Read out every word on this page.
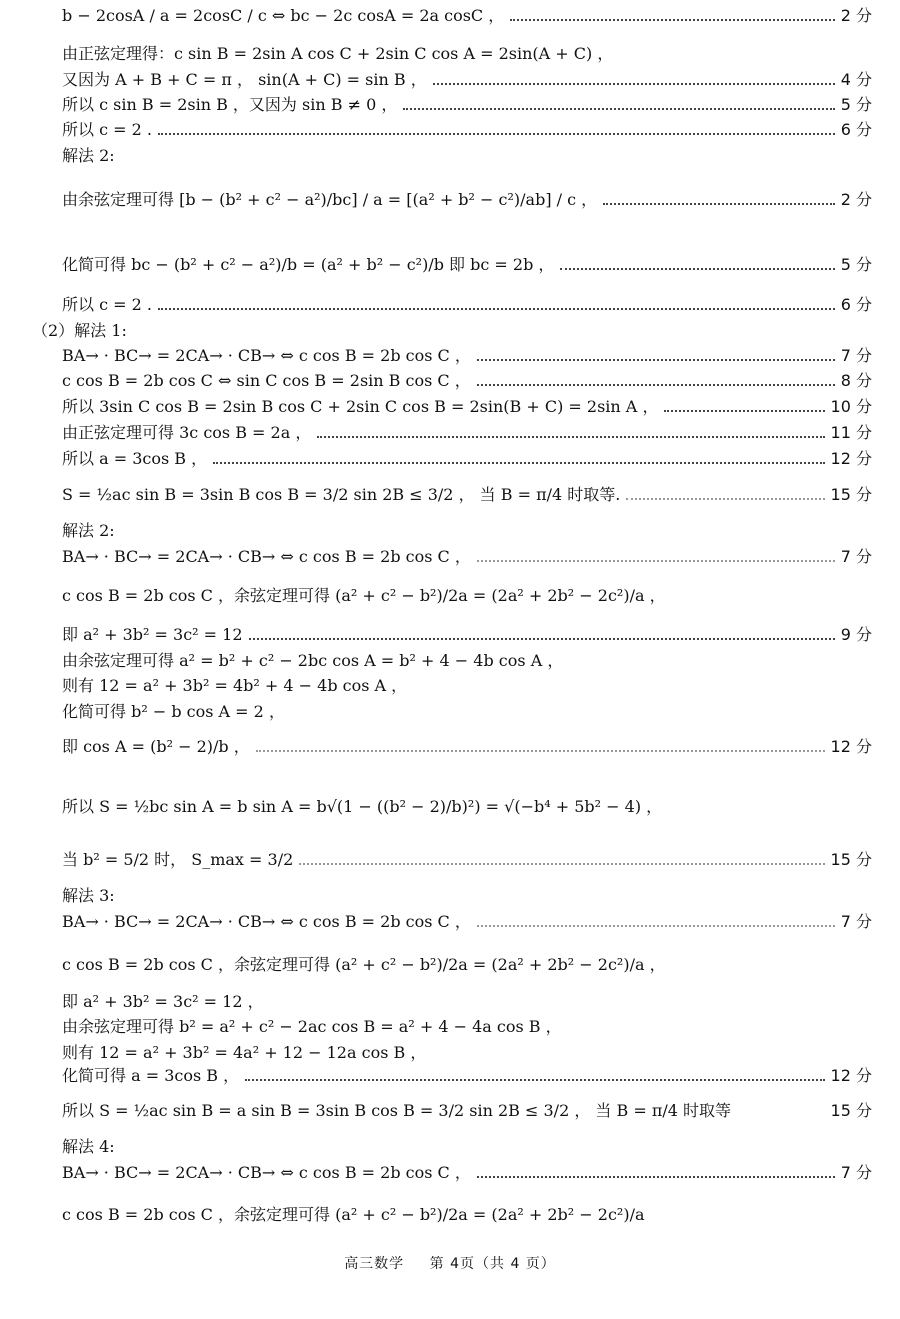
b − 2cosA / a = 2cosC / c ⇔ bc − 2c cosA = 2a cosC ，	2 分
由正弦定理得：c sin B = 2sin A cos C + 2sin C cos A = 2sin(A + C) ，
又因为 A + B + C = π ， sin(A + C) = sin B ，	4 分
所以 c sin B = 2sin B ，又因为 sin B ≠ 0 ，	5 分
所以 c = 2 .	6 分
解法 2:
由余弦定理可得 [b − (b² + c² − a²)/bc] / a = [(a² + b² − c²)/ab] / c ，	2 分
化简可得 bc − (b² + c² − a²)/b = (a² + b² − c²)/b 即 bc = 2b ，	5 分
所以 c = 2 .	6 分
（2）解法 1:
BA→ · BC→ = 2CA→ · CB→ ⇔ c cos B = 2b cos C ，	7 分
c cos B = 2b cos C ⇔ sin C cos B = 2sin B cos C ，	8 分
所以 3sin C cos B = 2sin B cos C + 2sin C cos B = 2sin(B + C) = 2sin A ，	10 分
由正弦定理可得 3c cos B = 2a ，	11 分
所以 a = 3cos B ，	12 分
S = ½ac sin B = 3sin B cos B = 3/2 sin 2B ≤ 3/2 ， 当 B = π/4 时取等.	15 分
解法 2:
BA→ · BC→ = 2CA→ · CB→ ⇔ c cos B = 2b cos C ，	7 分
c cos B = 2b cos C ，余弦定理可得 (a² + c² − b²)/2a = (2a² + 2b² − 2c²)/a ，
即 a² + 3b² = 3c² = 12	9 分
由余弦定理可得 a² = b² + c² − 2bc cos A = b² + 4 − 4b cos A ，
则有 12 = a² + 3b² = 4b² + 4 − 4b cos A ，
化简可得 b² − b cos A = 2 ，
即 cos A = (b² − 2)/b ，	12 分
所以 S = ½bc sin A = b sin A = b√(1 − ((b² − 2)/b)²) = √(−b⁴ + 5b² − 4) ，
当 b² = 5/2 时， S_max = 3/2	15 分
解法 3:
BA→ · BC→ = 2CA→ · CB→ ⇔ c cos B = 2b cos C ，	7 分
c cos B = 2b cos C ，余弦定理可得 (a² + c² − b²)/2a = (2a² + 2b² − 2c²)/a ，
即 a² + 3b² = 3c² = 12 ，
由余弦定理可得 b² = a² + c² − 2ac cos B = a² + 4 − 4a cos B ，
则有 12 = a² + 3b² = 4a² + 12 − 12a cos B ，
化简可得 a = 3cos B ，	12 分
所以 S = ½ac sin B = a sin B = 3sin B cos B = 3/2 sin 2B ≤ 3/2 ， 当 B = π/4 时取等	15 分
解法 4:
BA→ · BC→ = 2CA→ · CB→ ⇔ c cos B = 2b cos C ，	7 分
c cos B = 2b cos C ，余弦定理可得 (a² + c² − b²)/2a = (2a² + 2b² − 2c²)/a
高三数学 第 4页（共 4 页）
